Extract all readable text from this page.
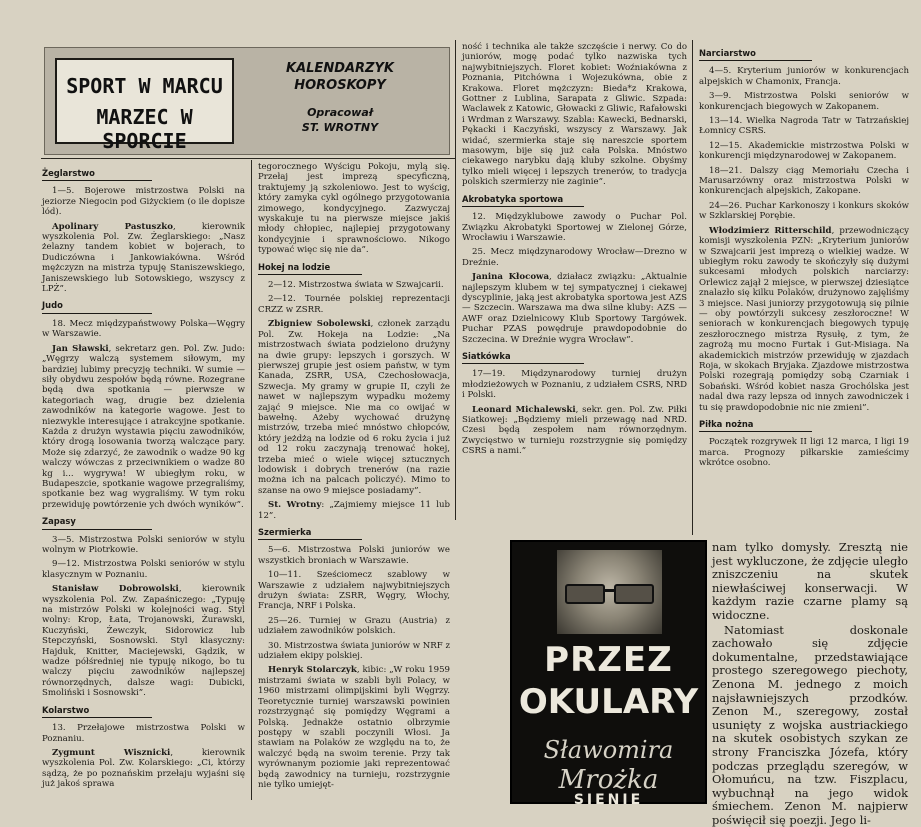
SPORT W MARCU
MARZEC W SPORCIE
KALENDARZYK
HOROSKOPY
Opracował
ST. WROTNY
Żeglarstwo

1—5. Bojerowe mistrzostwa Polski na jeziorze Niegocin pod Giżyckiem (o ile dopisze lód).

Apolinary Pastuszko, kierownik wyszkolenia Pol. Zw. Żeglarskiego: „Nasz żelazny tandem kobiet w bojerach, to Dudiczówna i Jankowiakówna. Wśród mężczyzn na mistrza typuję Staniszewskiego, Janiszewskiego lub Sotowskiego, wszyscy z LPŻ”.

Judo

18. Mecz międzypaństwowy Polska—Węgry w Warszawie.

Jan Sławski, sekretarz gen. Pol. Zw. Judo: „Węgrzy walczą systemem siłowym, my bardziej lubimy precyzję techniki. W sumie — siły obydwu zespołów będą równe. Rozegrane będą dwa spotkania — pierwsze w kategoriach wag, drugie bez dzielenia zawodników na kategorie wagowe. Jest to niezwykle interesujące i atrakcyjne spotkanie. Każda z drużyn wystawia pięciu zawodników, który drogą losowania tworzą walczące pary. Może się zdarzyć, że zawodnik o wadze 90 kg walczy wówczas z przeciwnikiem o wadze 80 kg i... wygrywa! W ubiegłym roku, w Budapeszcie, spotkanie wagowe przegraliśmy, spotkanie bez wag wygraliśmy. W tym roku przewiduję powtórzenie ych dwóch wyników”.

Zapasy

3—5. Mistrzostwa Polski seniorów w stylu wolnym w Piotrkowie.

9—12. Mistrzostwa Polski seniorów w stylu klasycznym w Poznaniu.

Stanisław Dobrowolski, kierownik wyszkolenia Pol. Zw. Zapaśniczego: „Typuję na mistrzów Polski w kolejności wag. Styl wolny: Krop, Łata, Trojanowski, Żurawski, Kuczyński, Żewczyk, Sidorowicz lub Stepczyński, Sosnowski. Styl klasyczny: Hajduk, Knitter, Maciejewski, Gądzik, w wadze półśredniej nie typuję nikogo, bo tu walczy pięciu zawodników najlepszej równorzędnych, dalsze wagi: Dubicki, Smoliński i Sosnowski”.

Kolarstwo

13. Przełajowe mistrzostwa Polski w Poznaniu.

Zygmunt Wisznicki, kierownik wyszkolenia Pol. Zw. Kolarskiego: „Ci, którzy sądzą, że po poznańskim przełaju wyjaśni się już jakoś sprawa

tegorocznego Wyścigu Pokoju, mylą się. Przełaj jest imprezą specyficzną, traktujemy ją szkoleniowo. Jest to wyścig, który zamyka cykl ogólnego przygotowania zimowego, kondycyjnego. Zazwyczaj wyskakuje tu na pierwsze miejsce jakiś młody chłopiec, najlepiej przygotowany kondycyjnie i sprawnościowo. Nikogo typować więc się nie da”.

Hokej na lodzie

2—12. Mistrzostwa świata w Szwajcarii.

2—12. Tournée polskiej reprezentacji CRZZ w ZSRR.

Zbigniew Sobolewski, członek zarządu Pol. Zw. Hokeja na Lodzie: „Na mistrzostwach świata podzielono drużyny na dwie grupy: lepszych i gorszych. W pierwszej grupie jest osiem państw, w tym Kanada, ZSRR, USA, Czechosłowacja, Szwecja. My gramy w grupie II, czyli że nawet w najlepszym wypadku możemy zająć 9 miejsce. Nie ma co owijać w bawełnę. Ażeby wychować drużynę mistrzów, trzeba mieć mnóstwo chłopców, który jeżdżą na lodzie od 6 roku życia i już od 12 roku zaczynają trenować hokej, trzeba mieć o wiele więcej sztucznych lodowisk i dobrych trenerów (na razie można ich na palcach policzyć). Mimo to szanse na owo 9 miejsce posiadamy”.

St. Wrotny: „Zajmiemy miejsce 11 lub 12”.

Szermierka

5—6. Mistrzostwa Polski juniorów we wszystkich broniach w Warszawie.

10—11. Sześciomecz szablowy w Warszawie z udziałem najwybitniejszych drużyn świata: ZSRR, Węgry, Włochy, Francja, NRF i Polska.

25—26. Turniej w Grazu (Austria) z udziałem zawodników polskich.

30. Mistrzostwa świata juniorów w NRF z udziałem ekipy polskiej.

Henryk Stolarczyk, kibic: „W roku 1959 mistrzami świata w szabli byli Polacy, w 1960 mistrzami olimpijskimi byli Węgrzy. Teoretycznie turniej warszawski powinien rozstrzygnąć się pomiędzy Węgrami a Polską. Jednakże ostatnio olbrzymie postępy w szabli poczynili Włosi. Ja stawiam na Polaków ze względu na to, że walczyć będą na swoim terenie. Przy tak wyrównanym poziomie jaki reprezentować będą zawodnicy na turnieju, rozstrzygnie nie tylko umiejęt-

ność i technika ale także szczęście i nerwy. Co do juniorów, mogę podać tylko nazwiska tych najwybitniejszych. Floret kobiet: Woźniakówna z Poznania, Pitchówna i Wojezukówna, obie z Krakowa. Floret mężczyzn: Bieda*z Krakowa, Gottner z Lublina, Sarapata z Gliwic. Szpada: Waclawek z Katowic, Głowacki z Gliwic, Rafałowski i Wrdman z Warszawy. Szabla: Kawecki, Bednarski, Pękacki i Kaczyński, wszyscy z Warszawy. Jak widać, szermierka staje się nareszcie sportem masowym, bije się już cała Polska. Mnóstwo ciekawego narybku dają kluby szkolne. Obyśmy tylko mieli więcej i lepszych trenerów, to tradycja polskich szermierzy nie zaginie”.

Akrobatyka sportowa

12. Międzyklubowe zawody o Puchar Pol. Związku Akrobatyki Sportowej w Zielonej Górze, Wrocławiu i Warszawie.

25. Mecz międzynarodowy Wrocław—Drezno w Dreźnie.

Janina Kłocowa, działacz związku: „Aktualnie najlepszym klubem w tej sympatycznej i ciekawej dyscyplinie, jaką jest akrobatyka sportowa jest AZS — Szczecin. Warszawa ma dwa silne kluby: AZS — AWF oraz Dzielnicowy Klub Sportowy Targówek. Puchar PZAS powędruje prawdopodobnie do Szczecina. W Dreźnie wygra Wrocław”.

Siatkówka

17—19. Międzynarodowy turniej drużyn młodzieżowych w Poznaniu, z udziałem CSRS, NRD i Polski.

Leonard Michalewski, sekr. gen. Pol. Zw. Piłki Siatkowej: „Będziemy mieli przewagę nad NRD. Czesi będą zespołem nam równorzędnym. Zwycięstwo w turnieju rozstrzygnie się pomiędzy CSRS a nami.”

Narciarstwo

4—5. Kryterium juniorów w konkurencjach alpejskich w Chamonix, Francja.

3—9. Mistrzostwa Polski seniorów w konkurencjach biegowych w Zakopanem.

13—14. Wielka Nagroda Tatr w Tatrzańskiej Łomnicy CSRS.

12—15. Akademickie mistrzostwa Polski w konkurencji międzynarodowej w Zakopanem.

18—21. Dalszy ciąg Memoriału Czecha i Marusarzówny oraz mistrzostwa Polski w konkurencjach alpejskich, Zakopane.

24—26. Puchar Karkonoszy i konkurs skoków w Szklarskiej Porębie.

Włodzimierz Ritterschild, przewodniczący komisji wyszkolenia PZN: „Kryterium juniorów w Szwajcarii jest imprezą o wielkiej wadze. W ubiegłym roku zawody te skończyły się dużymi sukcesami młodych polskich narciarzy: Orlewicz zajął 2 miejsce, w pierwszej dziesiątce znalazło się kilku Polaków, drużynowo zajęliśmy 3 miejsce. Nasi juniorzy przygotowują się pilnie — oby powtórzyli sukcesy zeszłoroczne! W seniorach w konkurencjach biegowych typuję zeszłorocznego mistrza Rysułę, z tym, że zagrożą mu mocno Furtak i Gut-Misiaga. Na akademickich mistrzów przewiduję w zjazdach Roja, w skokach Bryjaka. Zjazdowe mistrzostwa Polski rozegrają pomiędzy sobą Czarniak i Sobański. Wśród kobiet nasza Grochólska jest nadal dwa razy lepsza od innych zawodniczek i tu się prawdopodobnie nic nie zmieni”.

Piłka nożna

Początek rozgrywek II ligi 12 marca, I ligi 19 marca. Prognozy piłkarskie zamieścimy wkrótce osobno.

PRZEZ
OKULARY
Sławomira
Mrożka
SIENIE

nam tylko domysły. Zresztą nie jest wykluczone, że zdjęcie uległo zniszczeniu na skutek niewłaściwej konserwacji. W każdym razie czarne plamy są widoczne.

Natomiast doskonale zachowało się zdjęcie dokumentalne, przedstawiające prostego szeregowego piechoty, Zenona M. jednego z moich najsławniejszych przodków. Zenon M., szeregowy, został usunięty z wojska austriackiego na skutek osobistych szykan ze strony Franciszka Józefa, który podczas przeglądu szeregów, w Ołomuńcu, na tzw. Fiszplacu, wybuchnął na jego widok śmiechem. Zenon M. najpierw poświęcił się poezji. Jego li-
